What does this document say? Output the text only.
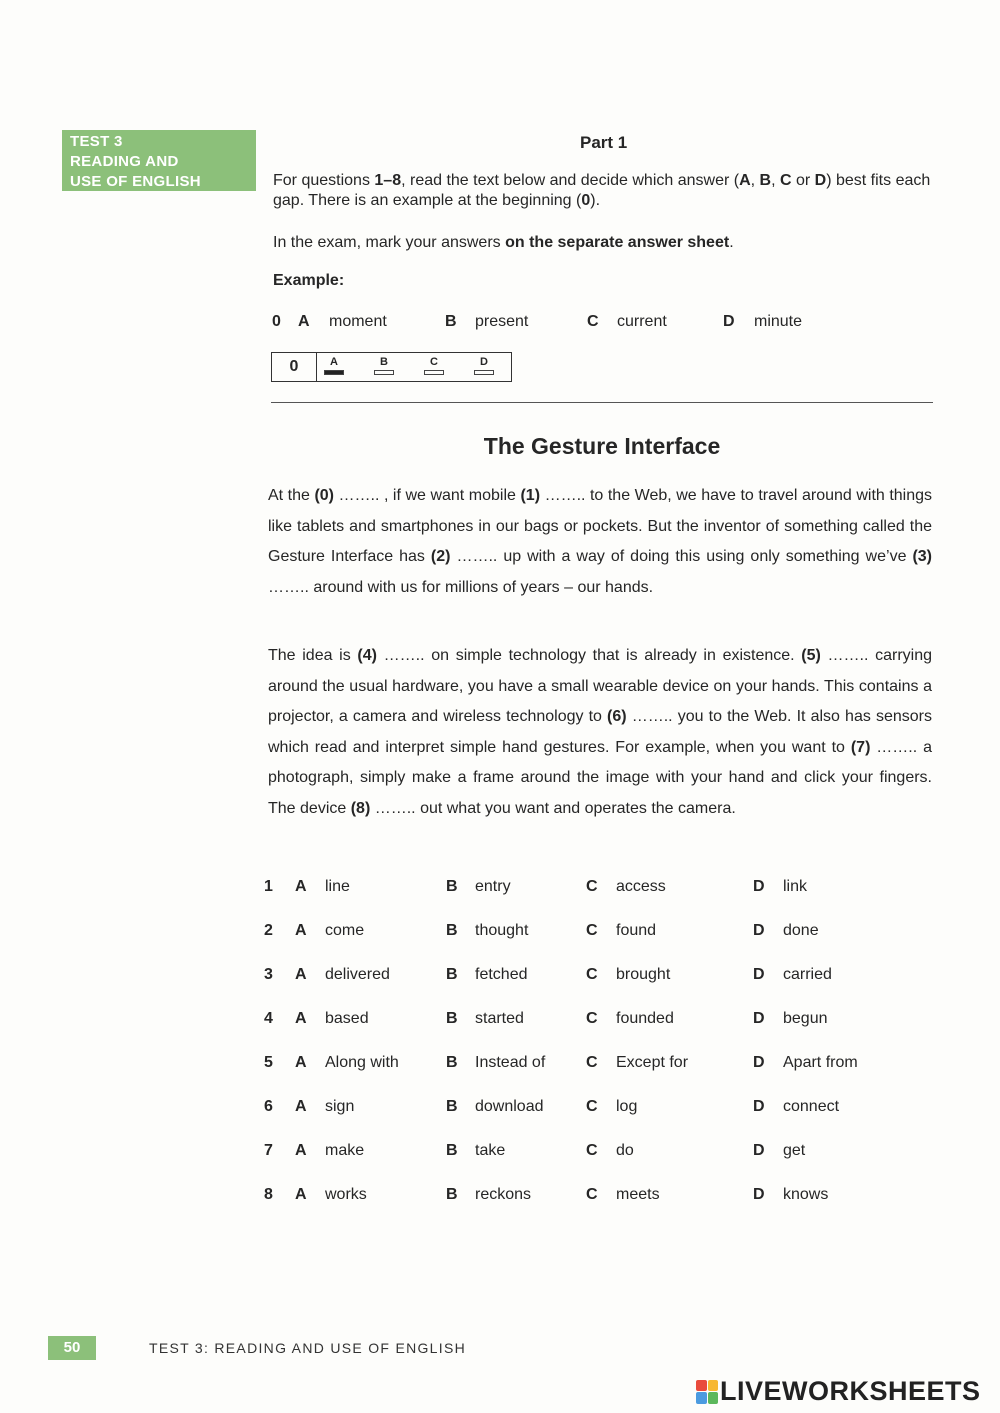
TEST 3
READING AND
USE OF ENGLISH
Part 1
For questions 1–8, read the text below and decide which answer (A, B, C or D) best fits each gap. There is an example at the beginning (0).
In the exam, mark your answers on the separate answer sheet.
Example:
0 A moment	B present	C current	D minute
0	A	B	C	D
The Gesture Interface
At the (0) …….. , if we want mobile (1) …….. to the Web, we have to travel around with things like tablets and smartphones in our bags or pockets. But the inventor of something called the Gesture Interface has (2) …….. up with a way of doing this using only something we’ve (3) …….. around with us for millions of years – our hands.
The idea is (4) …….. on simple technology that is already in existence. (5) …….. carrying around the usual hardware, you have a small wearable device on your hands. This contains a projector, a camera and wireless technology to (6) …….. you to the Web. It also has sensors which read and interpret simple hand gestures. For example, when you want to (7) …….. a photograph, simply make a frame around the image with your hand and click your fingers. The device (8) …….. out what you want and operates the camera.
1 A line	B entry	C access	D link
2 A come	B thought	C found	D done
3 A delivered	B fetched	C brought	D carried
4 A based	B started	C founded	D begun
5 A Along with	B Instead of	C Except for	D Apart from
6 A sign	B download	C log	D connect
7 A make	B take	C do	D get
8 A works	B reckons	C meets	D knows
50	TEST 3: READING AND USE OF ENGLISH
LIVEWORKSHEETS
